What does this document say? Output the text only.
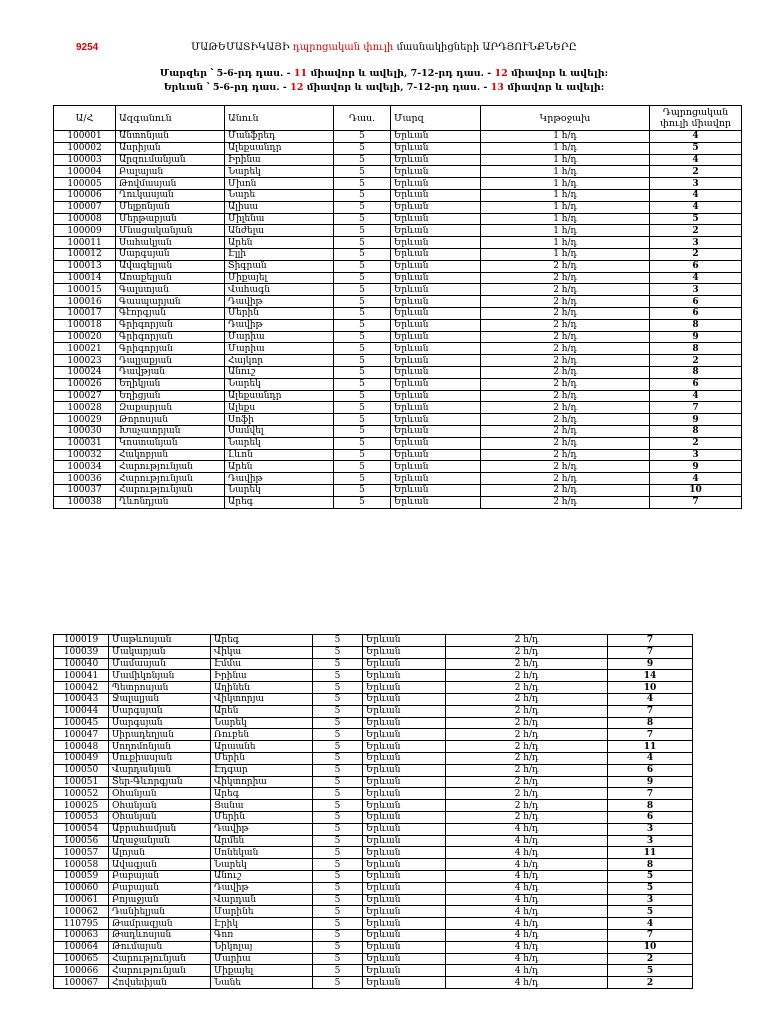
9254	ՄԱԹԵՄԱՏԻԿԱՅԻ դպրոցական փուլի մասնակիցների ԱՐԴՅՈՒՆՔՆԵՐԸ
Մարզեր ՝ 5-6-րդ դաս. - 11 միավոր և ավելի, 7-12-րդ դաս. - 12 միավոր և ավելի:
Երևան ՝ 5-6-րդ դաս. - 12 միավոր և ավելի, 7-12-րդ դաս. - 13 միավոր և ավելի:
Ա/Հ	Ազգանուն	Անուն	Դաս.	Մարզ	Կրթօջախ	Դպրոցական փուլի միավոր
100001	Անտոնյան	Մանֆրեդ	5	Երևան	1 հ/դ	4
100002	Ասրիյան	Ալեքսանդր	5	Երևան	1 հ/դ	5
100003	Արզումանյան	Իրինա	5	Երևան	1 հ/դ	4
100004	Բալայան	Նարեկ	5	Երևան	1 հ/դ	2
100005	Թովմասյան	Մխոն	5	Երևան	1 հ/դ	3
100006	Ղուկասյան	Նարե	5	Երևան	1 հ/դ	4
100007	Մելքոնյան	Ալիսա	5	Երևան	1 հ/դ	4
100008	Մերթաբյան	Միլենա	5	Երևան	1 հ/դ	5
100009	Մնացականյան	Անժելա	5	Երևան	1 հ/դ	2
100011	Սաhակյան	Արեն	5	Երևան	1 հ/դ	3
100012	Սարգսյան	Էլլի	5	Երևան	1 հ/դ	2
100013	Ավագելյան	Տիգրան	5	Երևան	2 հ/դ	6
100014	Առաքելյան	Միքայել	5	Երևան	2 հ/դ	4
100015	Գալստյան	Վահագն	5	Երևան	2 հ/դ	3
100016	Գասպարյան	Դավիթ	5	Երևան	2 հ/դ	6
100017	Գէորգյան	Մերին	5	Երևան	2 հ/դ	6
100018	Գրիգորյան	Դավիթ	5	Երևան	2 հ/դ	8
100020	Գրիգորյան	Մարիա	5	Երևան	2 հ/դ	9
100021	Գրիգորյան	Մարիա	5	Երևան	2 հ/դ	8
100023	Դալլաքյան	Հայկոր	5	Երևան	2 հ/դ	2
100024	Դավթյան	Անուշ	5	Երևան	2 հ/դ	8
100026	Եղիկյան	Նարեկ	5	Երևան	2 հ/դ	6
100027	Եղիցյան	Ալեքսանդր	5	Երևան	2 հ/դ	4
100028	Զաքարյան	Ալեքս	5	Երևան	2 հ/դ	7
100029	Թորոսյան	Սոֆի	5	Երևան	2 հ/դ	9
100030	Խաչատրյան	Սամվել	5	Երևան	2 հ/դ	8
100031	Կոստանյան	Նարեկ	5	Երևան	2 հ/դ	2
100032	Հակոբյան	Լևոն	5	Երևան	2 հ/դ	3
100034	Հարությունյան	Արեն	5	Երևան	2 հ/դ	9
100036	Հարությունյան	Դավիթ	5	Երևան	2 հ/դ	4
100037	Հարությունյան	Նարեկ	5	Երևան	2 հ/դ	10
100038	Ղևոնդյան	Արեգ	5	Երևան	2 հ/դ	7
100019	Մաթևոսյան	Արեգ	5	Երևան	2 հ/դ	7
100039	Մակարյան	Վիկա	5	Երևան	2 հ/դ	7
100040	Մամասյան	Էմմա	5	Երևան	2 հ/դ	9
100041	Մամիկոնյան	Իրինա	5	Երևան	2 հ/դ	14
100042	Պետրոսյան	Աղինեն	5	Երևան	2 հ/դ	10
100043	Ջալալյան	Վիկտորյա	5	Երևան	2 հ/դ	4
100044	Սարգսյան	Արեն	5	Երևան	2 հ/դ	7
100045	Սարգսյան	Նարեկ	5	Երևան	2 հ/դ	8
100047	Սիրադեղյան	Ռուբեն	5	Երևան	2 հ/դ	7
100048	Սողոմոնյան	Արաանե	5	Երևան	2 հ/դ	11
100049	Սուքիասյան	Մերին	5	Երևան	2 հ/դ	4
100050	Վարդանյան	Էդգար	5	Երևան	2 հ/դ	6
100051	Տեր-Գևորգյան	Վիկտորիա	5	Երևան	2 հ/դ	9
100052	Օհանյան	Արեգ	5	Երևան	2 հ/դ	7
100025	Օհանյան	Ցանա	5	Երևան	2 հ/դ	8
100053	Օհանյան	Մերին	5	Երևան	2 հ/դ	6
100054	Աբրահամյան	Դավիթ	5	Երևան	4 հ/դ	3
100056	Աղաջանյան	Արմեն	5	Երևան	4 հ/դ	3
100057	Ալոյան	Սոնեկան	5	Երևան	4 հ/դ	11
100058	Ավագյան	Նարեկ	5	Երևան	4 հ/դ	8
100059	Բաբայան	Անուշ	5	Երևան	4 հ/դ	5
100060	Բաբայան	Դավիթ	5	Երևան	4 հ/դ	5
100061	Բոյաջյան	Վարդան	5	Երևան	4 հ/դ	3
100062	Դանիելյան	Մարինե	5	Երևան	4 հ/դ	5
110795	Թամրազյան	Էրիկ	5	Երևան	4 հ/դ	4
100063	Թադևոսյան	Գոռ	5	Երևան	4 հ/դ	7
100064	Թումայան	Նիկոլայ	5	Երևան	4 հ/դ	10
100065	Հարությունյան	Մարիա	5	Երևան	4 հ/դ	2
100066	Հարությունյան	Միքայել	5	Երևան	4 հ/դ	5
100067	Հովսեփյան	Նանե	5	Երևան	4 հ/դ	2
